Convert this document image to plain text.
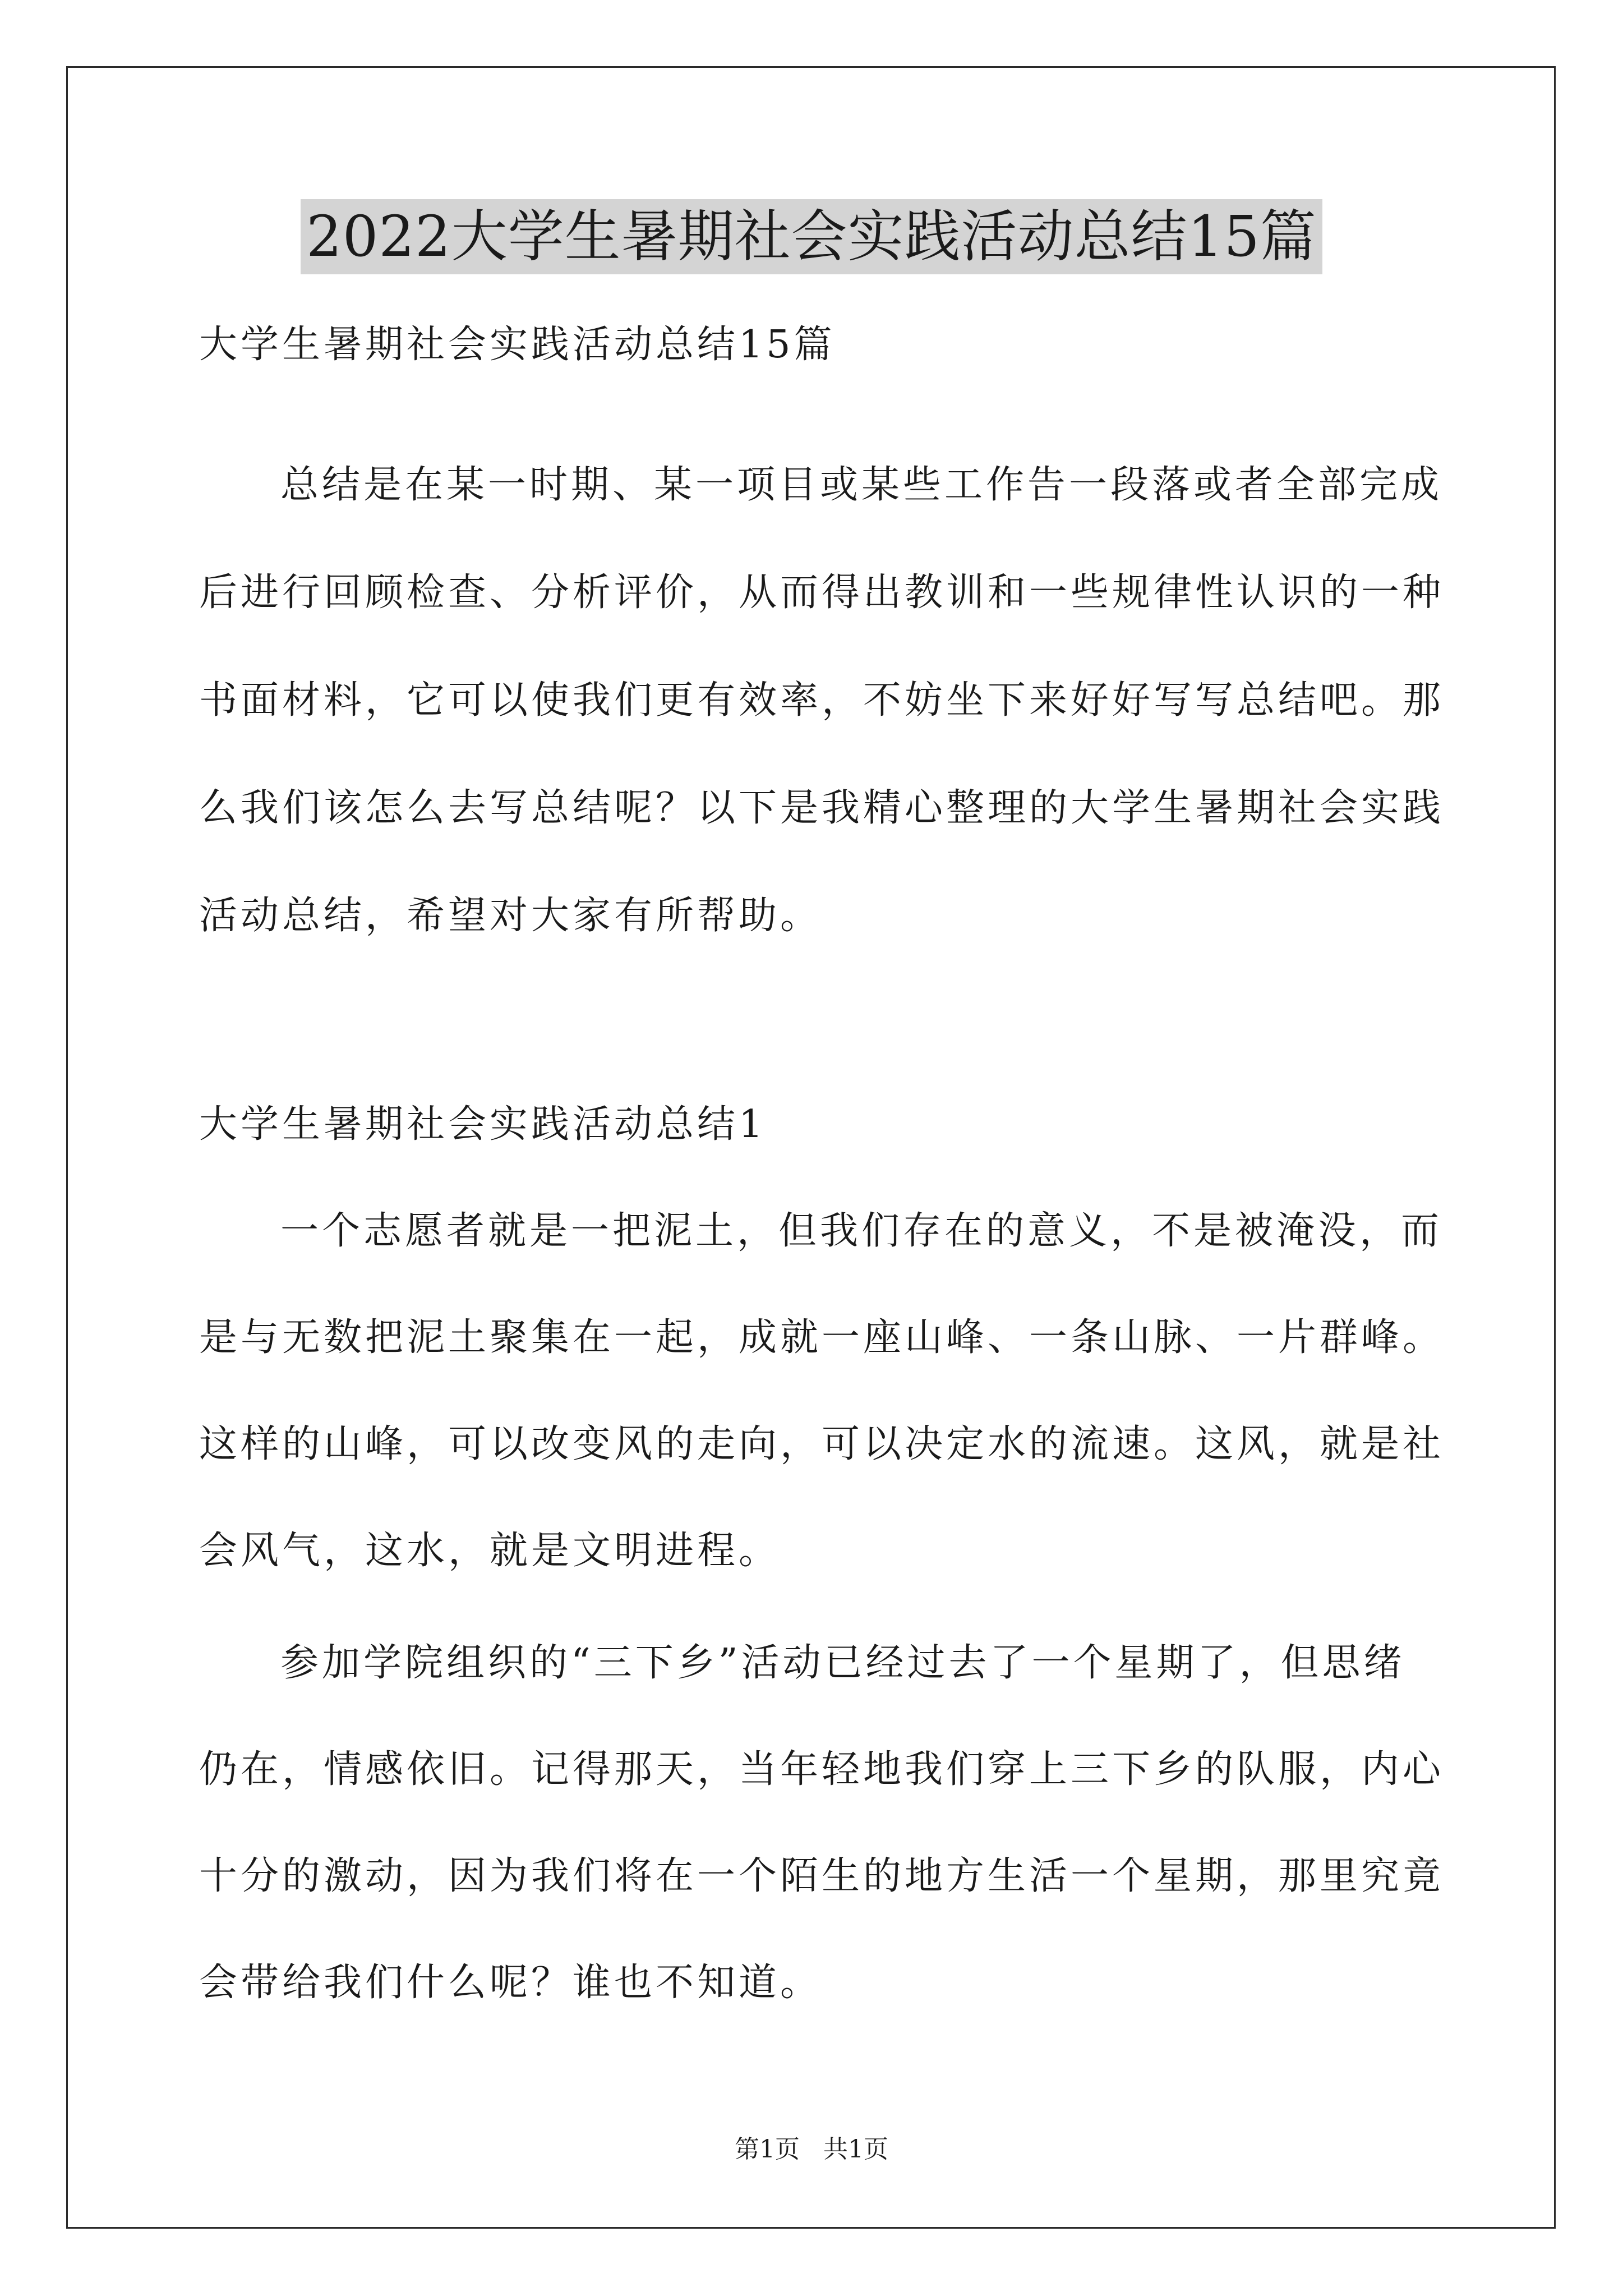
2022大学生暑期社会实践活动总结15篇
大学生暑期社会实践活动总结15篇
总结是在某一时期、某一项目或某些工作告一段落或者全部完成
后进行回顾检查、分析评价，从而得出教训和一些规律性认识的一种
书面材料，它可以使我们更有效率，不妨坐下来好好写写总结吧。那
么我们该怎么去写总结呢？以下是我精心整理的大学生暑期社会实践
活动总结，希望对大家有所帮助。
大学生暑期社会实践活动总结1
一个志愿者就是一把泥土，但我们存在的意义，不是被淹没，而
是与无数把泥土聚集在一起，成就一座山峰、一条山脉、一片群峰。
这样的山峰，可以改变风的走向，可以决定水的流速。这风，就是社
会风气，这水，就是文明进程。
参加学院组织的“三下乡”活动已经过去了一个星期了，但思绪
仍在，情感依旧。记得那天，当年轻地我们穿上三下乡的队服，内心
十分的激动，因为我们将在一个陌生的地方生活一个星期，那里究竟
会带给我们什么呢？谁也不知道。
第1页   共1页
